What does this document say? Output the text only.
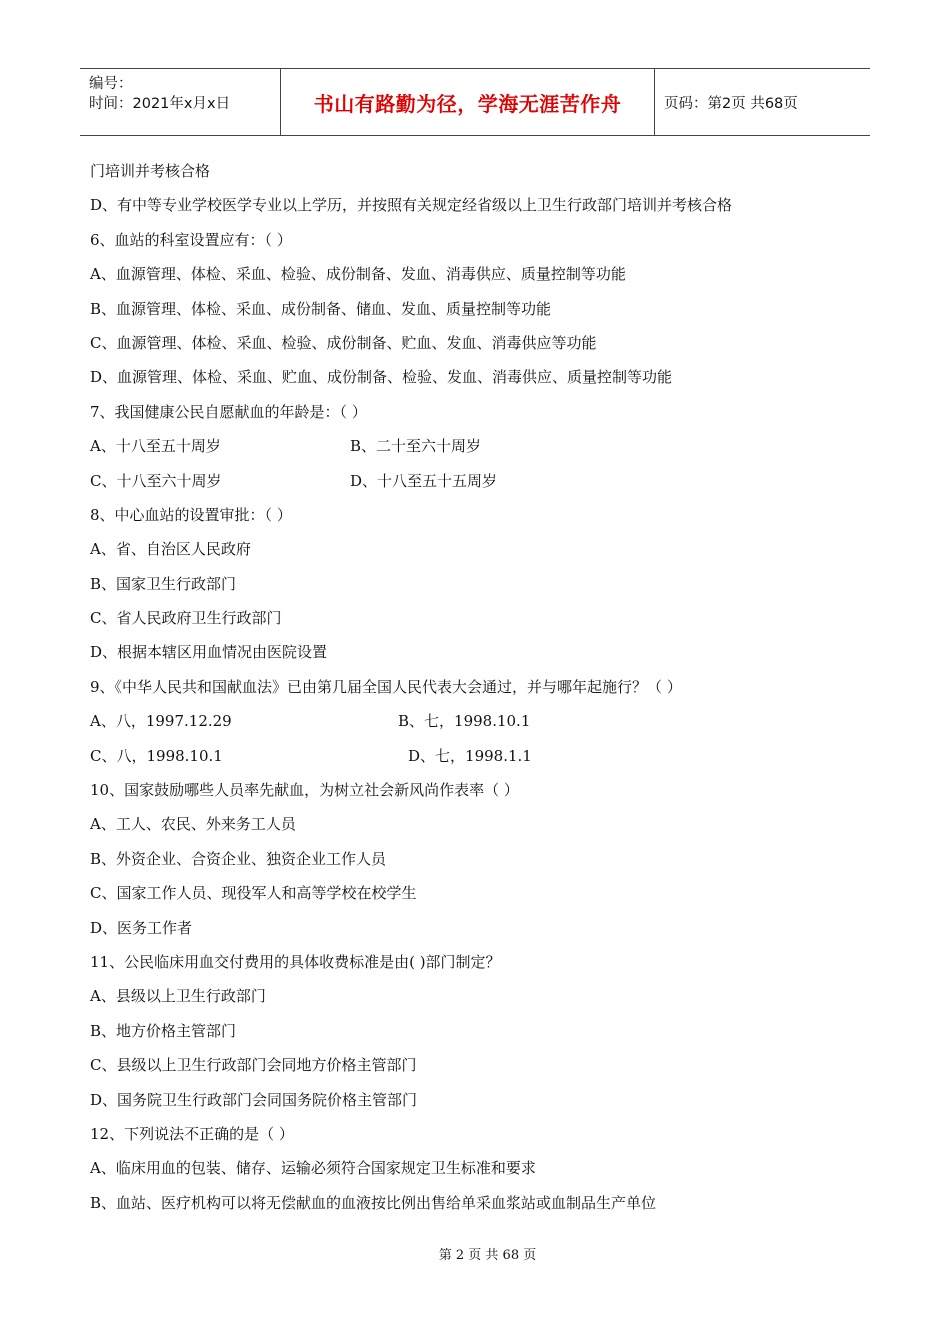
编号：
时间：2021年x月x日	书山有路勤为径，学海无涯苦作舟	页码：第2页 共68页
门培训并考核合格
D、有中等专业学校医学专业以上学历，并按照有关规定经省级以上卫生行政部门培训并考核合格
6、血站的科室设置应有：（ ）
A、血源管理、体检、采血、检验、成份制备、发血、消毒供应、质量控制等功能
B、血源管理、体检、采血、成份制备、储血、发血、质量控制等功能
C、血源管理、体检、采血、检验、成份制备、贮血、发血、消毒供应等功能
D、血源管理、体检、采血、贮血、成份制备、检验、发血、消毒供应、质量控制等功能
7、我国健康公民自愿献血的年龄是：（ ）
A、十八至五十周岁	B、二十至六十周岁
C、十八至六十周岁	D、十八至五十五周岁
8、中心血站的设置审批：（ ）
A、省、自治区人民政府
B、国家卫生行政部门
C、省人民政府卫生行政部门
D、根据本辖区用血情况由医院设置
9、《中华人民共和国献血法》已由第几届全国人民代表大会通过，并与哪年起施行？（ ）
A、八，1997.12.29	B、七，1998.10.1
C、八，1998.10.1	D、七，1998.1.1
10、国家鼓励哪些人员率先献血，为树立社会新风尚作表率（ ）
A、工人、农民、外来务工人员
B、外资企业、合资企业、独资企业工作人员
C、国家工作人员、现役军人和高等学校在校学生
D、医务工作者
11、公民临床用血交付费用的具体收费标准是由( )部门制定？
A、县级以上卫生行政部门
B、地方价格主管部门
C、县级以上卫生行政部门会同地方价格主管部门
D、国务院卫生行政部门会同国务院价格主管部门
12、下列说法不正确的是（ ）
A、临床用血的包装、储存、运输必须符合国家规定卫生标准和要求
B、血站、医疗机构可以将无偿献血的血液按比例出售给单采血浆站或血制品生产单位
第 2 页 共 68 页
